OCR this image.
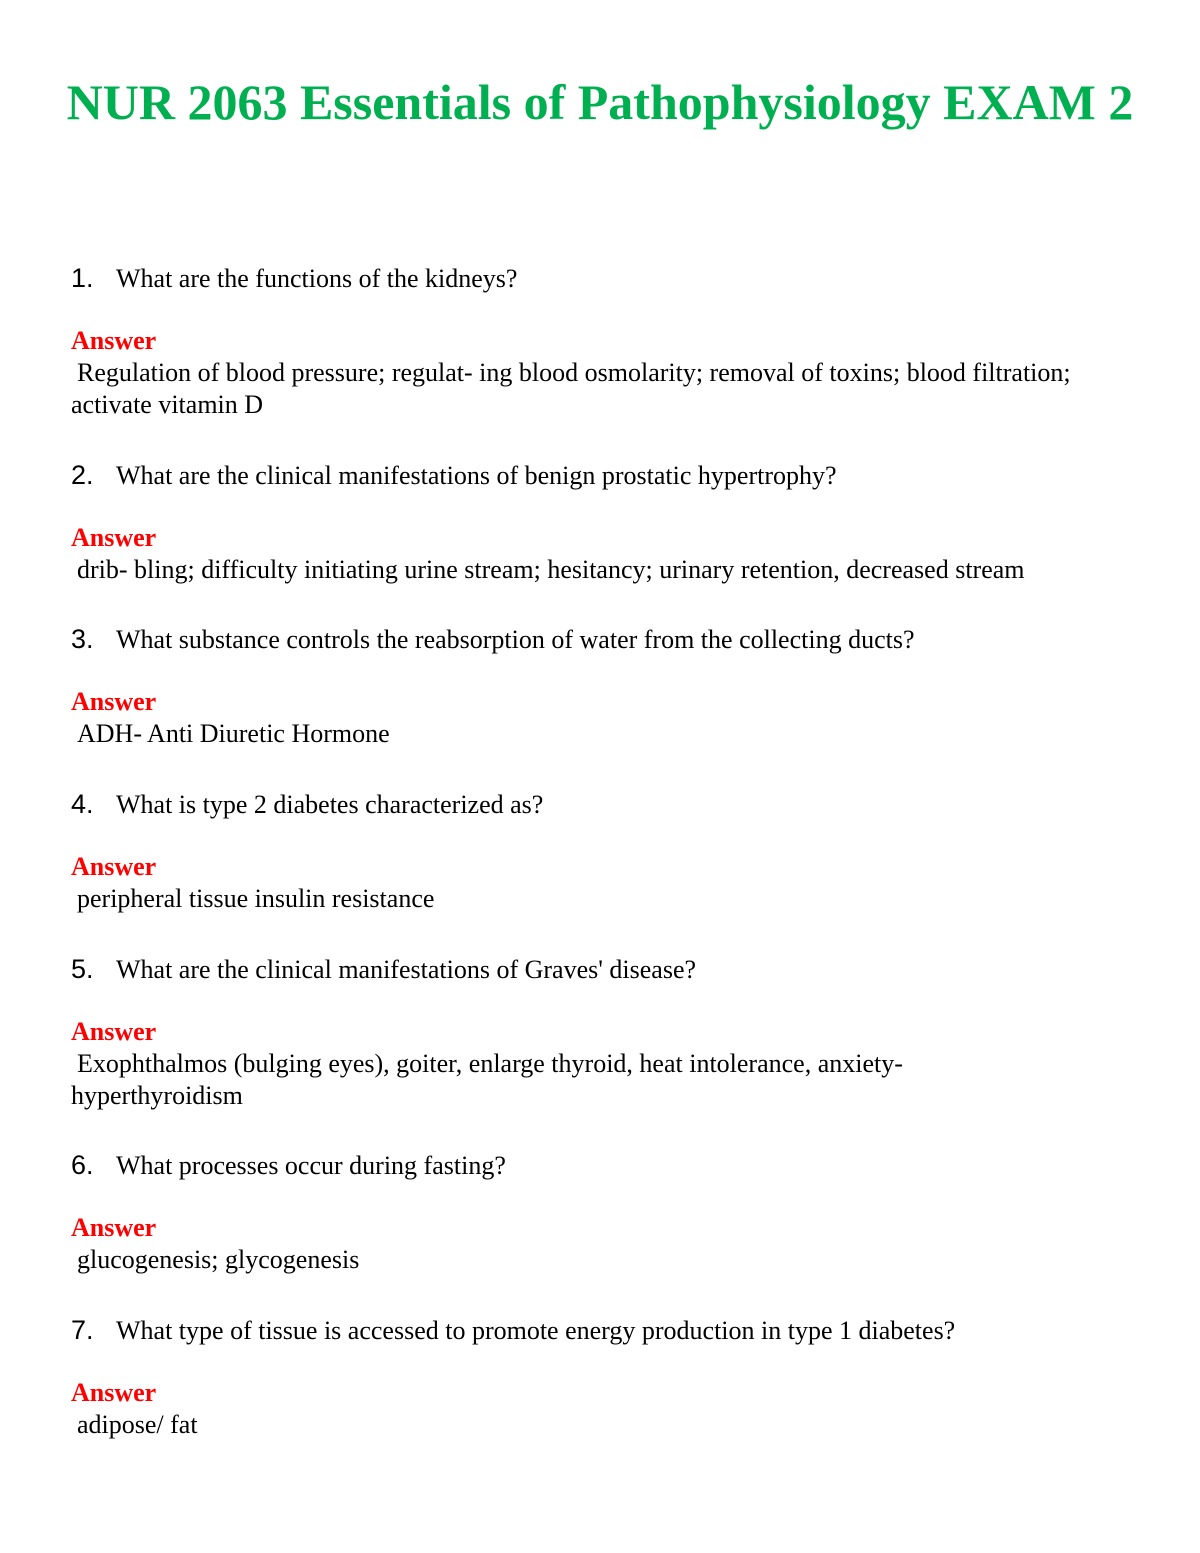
NUR 2063 Essentials of Pathophysiology EXAM 2
1. What are the functions of the kidneys?
Answer
Regulation of blood pressure; regulat- ing blood osmolarity; removal of toxins; blood filtration; activate vitamin D
2. What are the clinical manifestations of benign prostatic hypertrophy?
Answer
drib- bling; difficulty initiating urine stream; hesitancy; urinary retention, decreased stream
3. What substance controls the reabsorption of water from the collecting ducts?
Answer
ADH- Anti Diuretic Hormone
4. What is type 2 diabetes characterized as?
Answer
peripheral tissue insulin resistance
5. What are the clinical manifestations of Graves' disease?
Answer
Exophthalmos (bulging eyes), goiter, enlarge thyroid, heat intolerance, anxiety- hyperthyroidism
6. What processes occur during fasting?
Answer
glucogenesis; glycogenesis
7. What type of tissue is accessed to promote energy production in type 1 diabetes?
Answer
adipose/ fat
